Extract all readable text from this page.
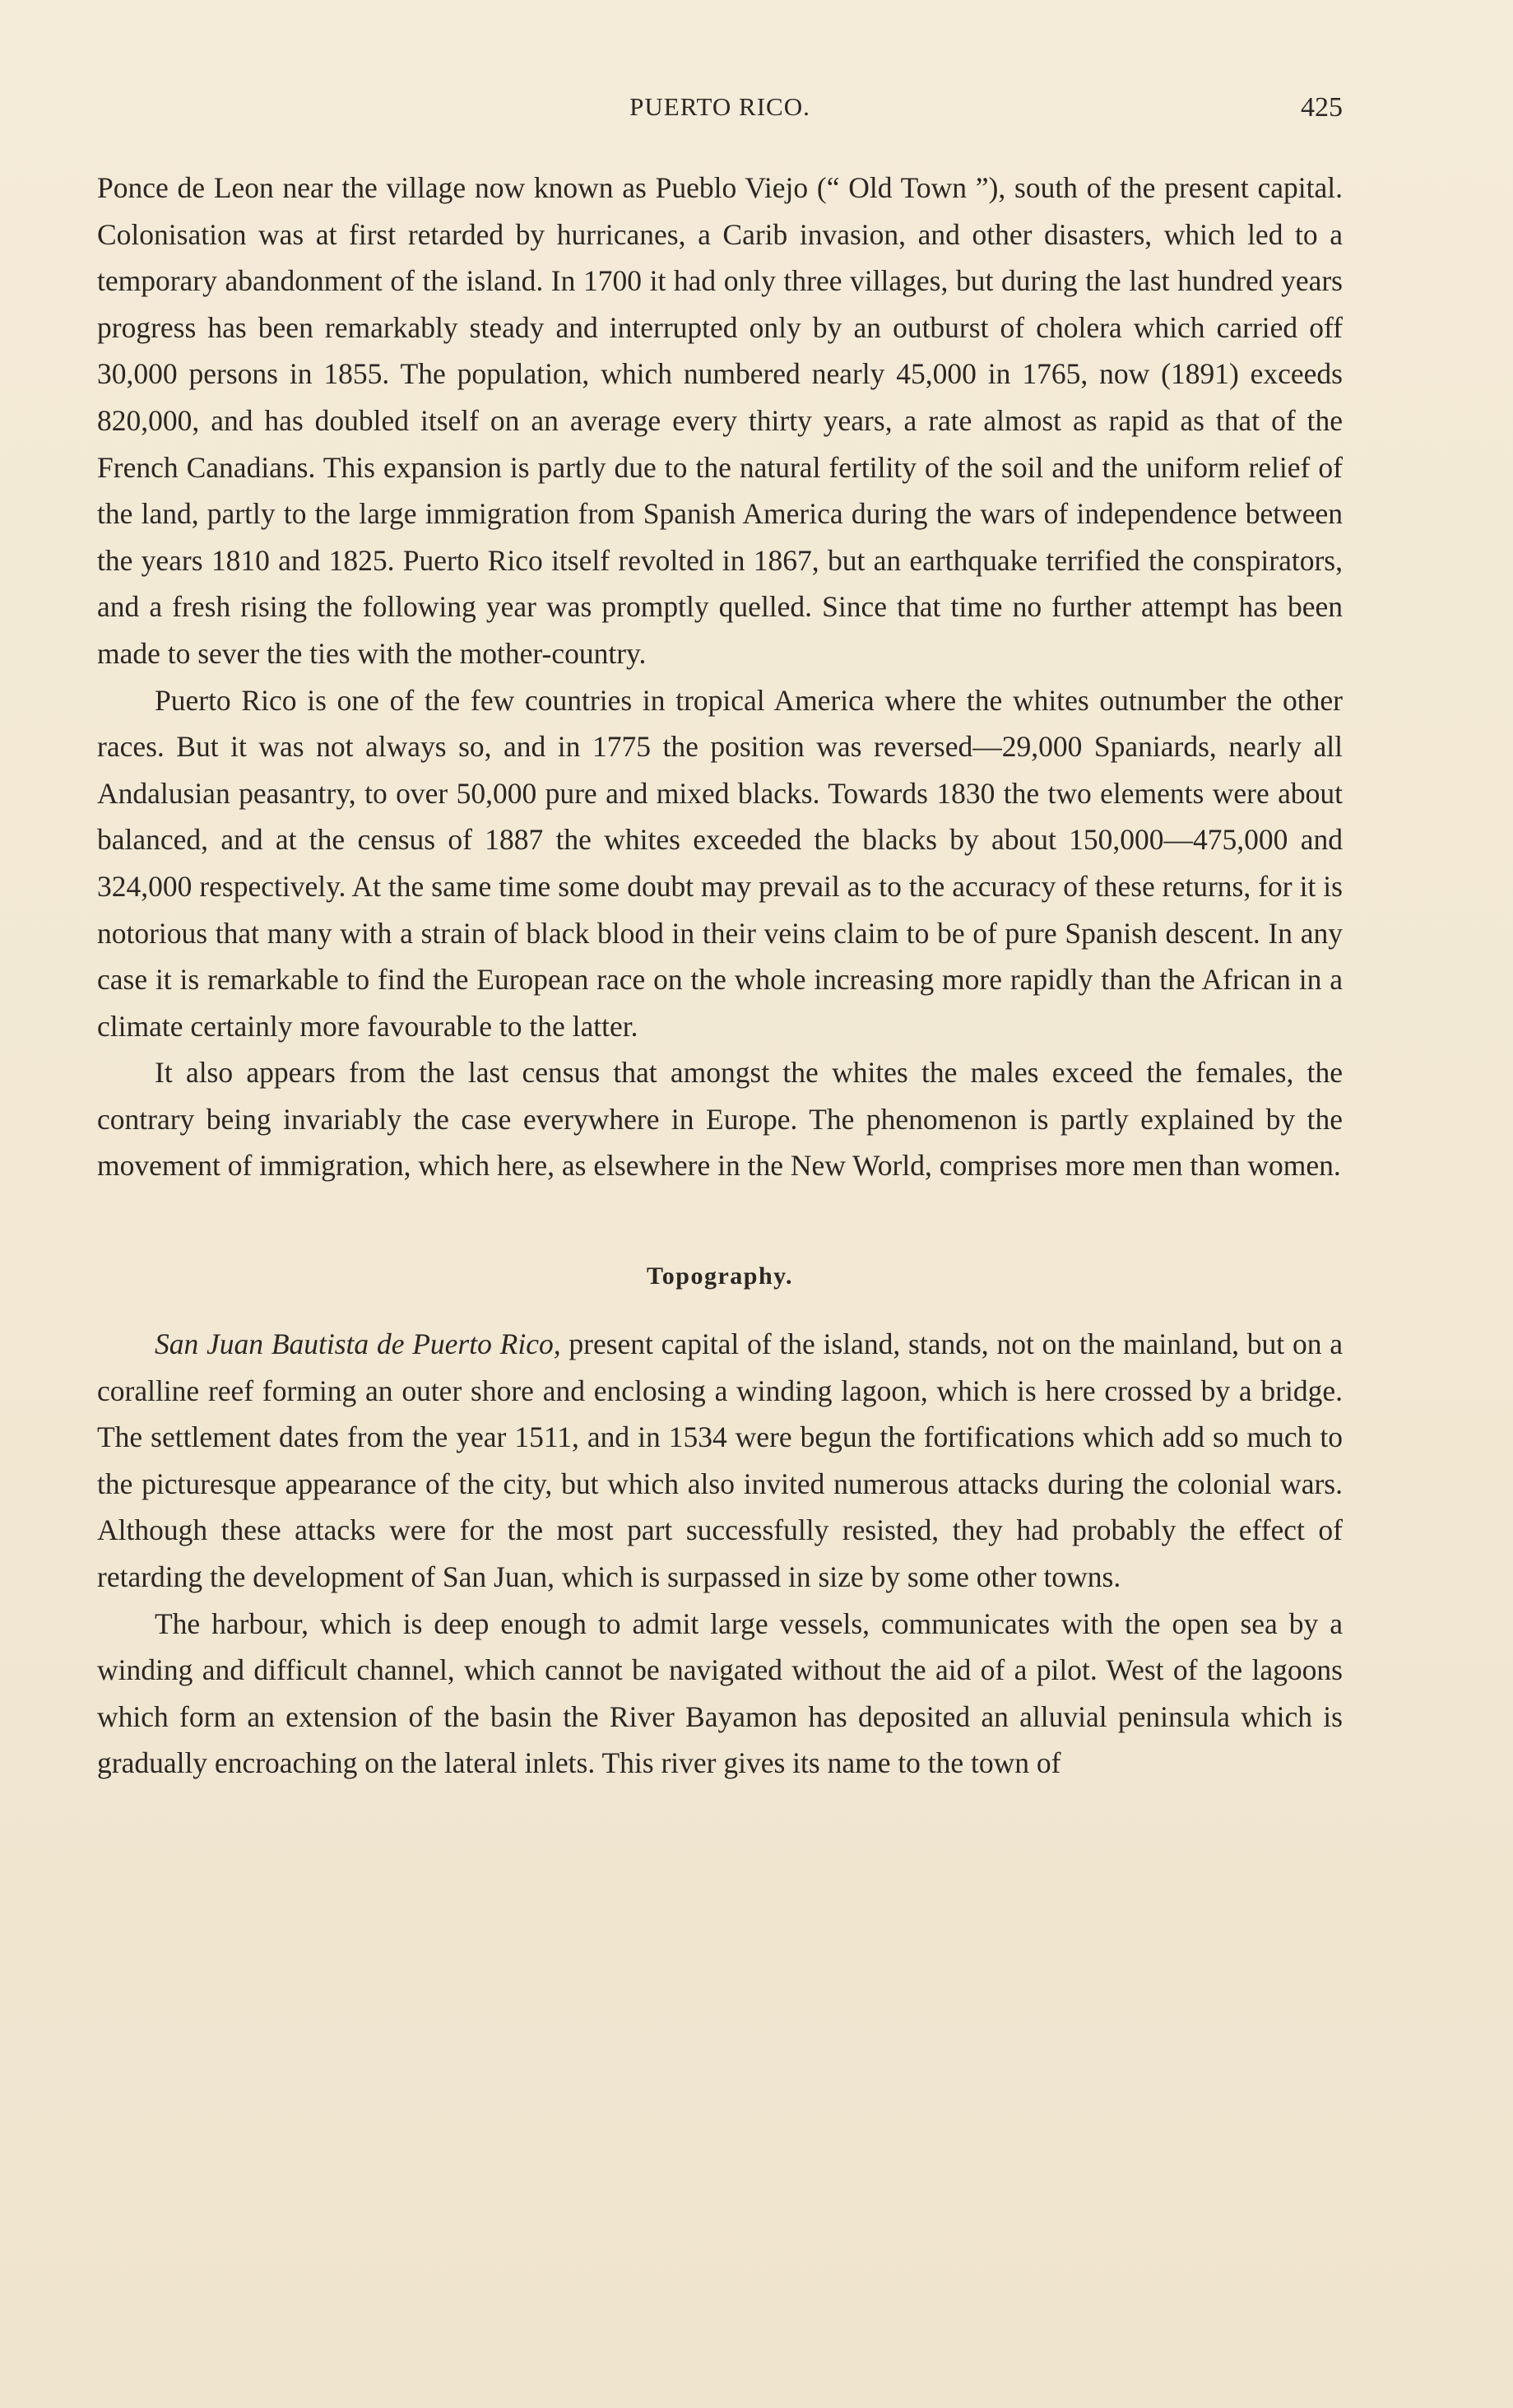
PUERTO RICO.	425

Ponce de Leon near the village now known as Pueblo Viejo (“ Old Town ”), south of the present capital. Colonisation was at first retarded by hurricanes, a Carib invasion, and other disasters, which led to a temporary abandonment of the island. In 1700 it had only three villages, but during the last hundred years progress has been remarkably steady and interrupted only by an outburst of cholera which carried off 30,000 persons in 1855. The population, which numbered nearly 45,000 in 1765, now (1891) exceeds 820,000, and has doubled itself on an average every thirty years, a rate almost as rapid as that of the French Canadians. This expansion is partly due to the natural fertility of the soil and the uniform relief of the land, partly to the large immigration from Spanish America during the wars of independence between the years 1810 and 1825. Puerto Rico itself revolted in 1867, but an earthquake terrified the conspirators, and a fresh rising the following year was promptly quelled. Since that time no further attempt has been made to sever the ties with the mother-country.

Puerto Rico is one of the few countries in tropical America where the whites outnumber the other races. But it was not always so, and in 1775 the position was reversed—29,000 Spaniards, nearly all Andalusian peasantry, to over 50,000 pure and mixed blacks. Towards 1830 the two elements were about balanced, and at the census of 1887 the whites exceeded the blacks by about 150,000—475,000 and 324,000 respectively. At the same time some doubt may prevail as to the accuracy of these returns, for it is notorious that many with a strain of black blood in their veins claim to be of pure Spanish descent. In any case it is remarkable to find the European race on the whole increasing more rapidly than the African in a climate certainly more favourable to the latter.

It also appears from the last census that amongst the whites the males exceed the females, the contrary being invariably the case everywhere in Europe. The phenomenon is partly explained by the movement of immigration, which here, as elsewhere in the New World, comprises more men than women.

Topography.

San Juan Bautista de Puerto Rico, present capital of the island, stands, not on the mainland, but on a coralline reef forming an outer shore and enclosing a winding lagoon, which is here crossed by a bridge. The settlement dates from the year 1511, and in 1534 were begun the fortifications which add so much to the picturesque appearance of the city, but which also invited numerous attacks during the colonial wars. Although these attacks were for the most part successfully resisted, they had probably the effect of retarding the development of San Juan, which is surpassed in size by some other towns.

The harbour, which is deep enough to admit large vessels, communicates with the open sea by a winding and difficult channel, which cannot be navigated without the aid of a pilot. West of the lagoons which form an extension of the basin the River Bayamon has deposited an alluvial peninsula which is gradually encroaching on the lateral inlets. This river gives its name to the town of
